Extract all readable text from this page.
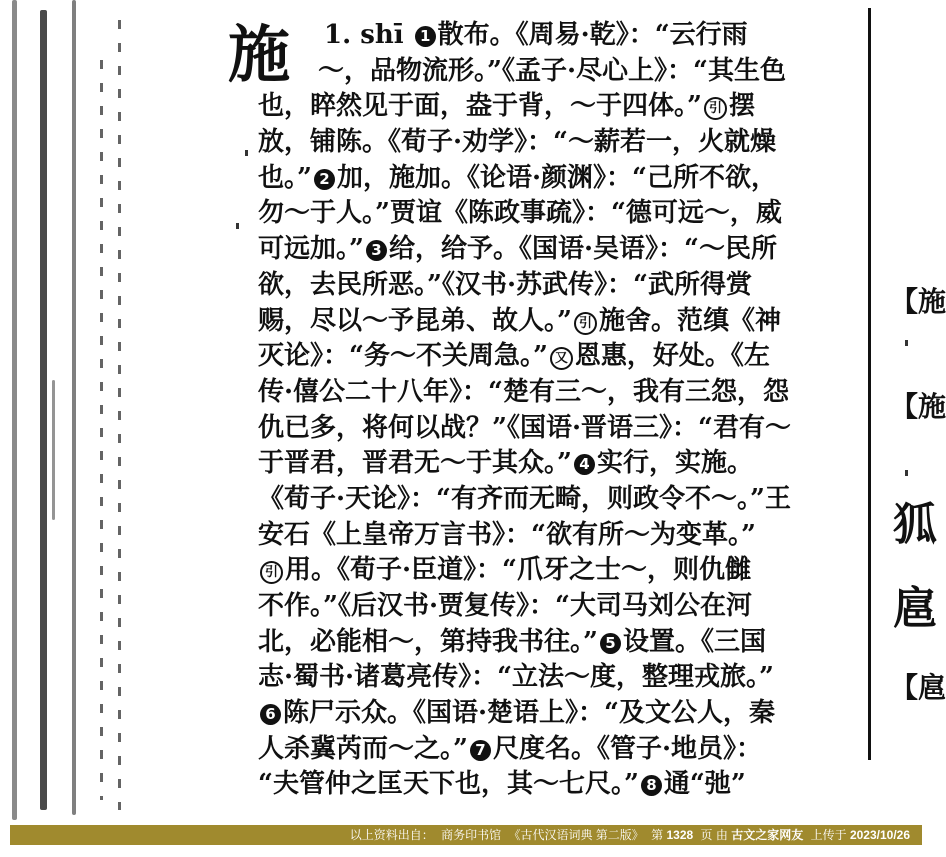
施	1. shī 1 散布。《周易·乾》：“云行雨
～，品物流形。”《孟子·尽心上》：“其生色
也，睟然见于面，盎于背，～于四体。” 引 摆
放，铺陈。《荀子·劝学》：“～薪若一，火就燥
也。” 2 加，施加。《论语·颜渊》：“己所不欲，
勿～于人。”贾谊《陈政事疏》：“德可远～，威
可远加。” 3 给，给予。《国语·吴语》：“～民所
欲，去民所恶。”《汉书·苏武传》：“武所得赏
赐，尽以～予昆弟、故人。” 引 施舍。范缜《神
灭论》：“务～不关周急。” 又 恩惠，好处。《左
传·僖公二十八年》：“楚有三～，我有三怨，怨
仇已多，将何以战？”《国语·晋语三》：“君有～
于晋君，晋君无～于其众。” 4 实行，实施。
《荀子·天论》：“有齐而无畸，则政令不～。”王
安石《上皇帝万言书》：“欲有所～为变革。”
引 用。《荀子·臣道》：“爪牙之士～，则仇雠
不作。”《后汉书·贾复传》：“大司马刘公在河
北，必能相～，第持我书往。” 5 设置。《三国
志·蜀书·诸葛亮传》：“立法～度，整理戎旅。”
6 陈尸示众。《国语·楚语上》：“及文公人，秦
人杀冀芮而～之。” 7 尺度名。《管子·地员》：
“夫管仲之匡天下也，其～七尺。” 8 通“弛”
【施
【施
狐
扈
【扈
以上资料出自： 商务印书馆 《古代汉语词典 第二版》 第 1328 页 由 古文之家网友 上传于 2023/10/26
